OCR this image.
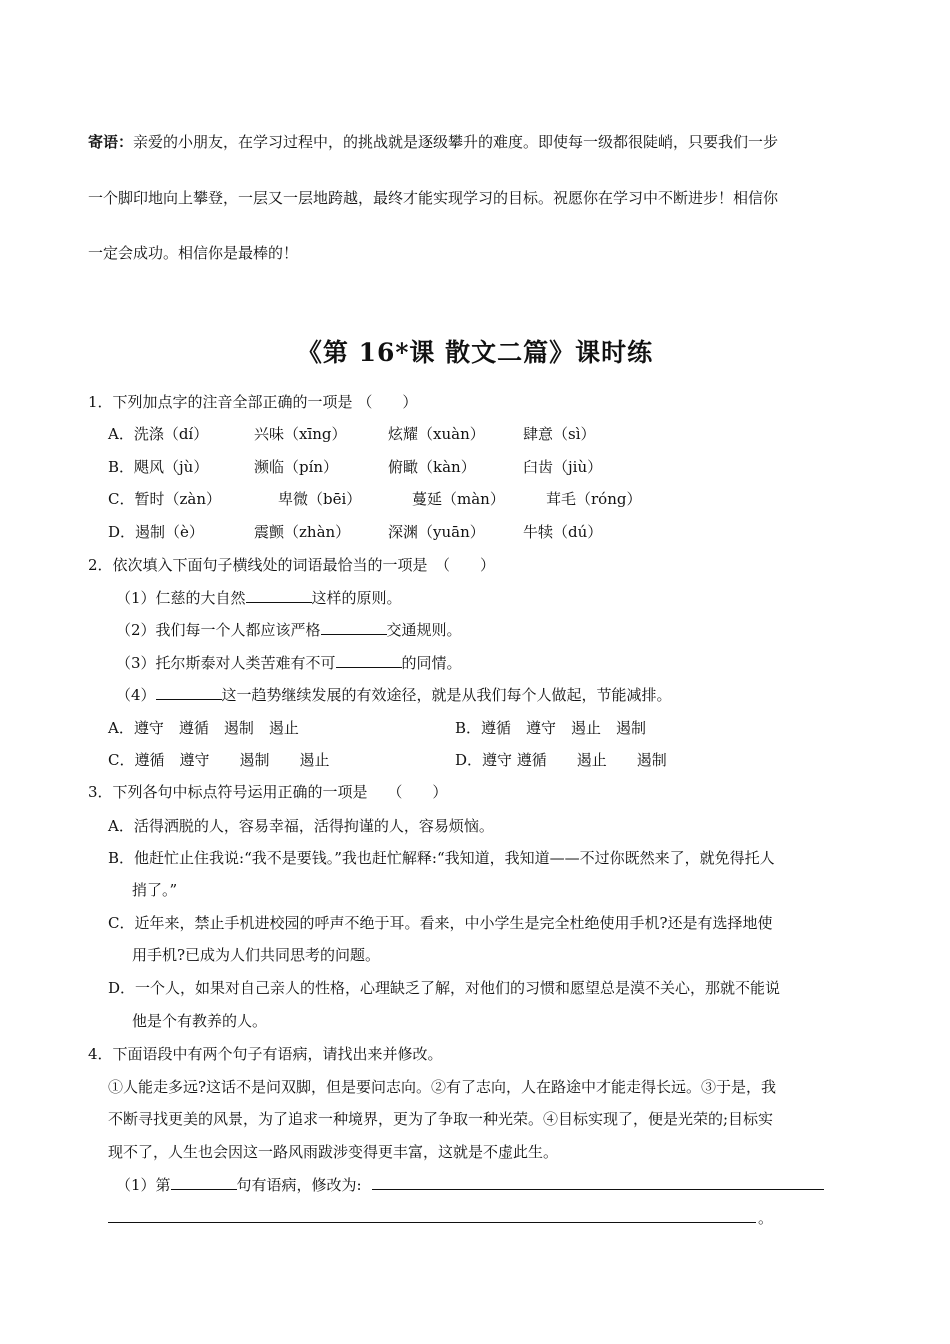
寄语：亲爱的小朋友，在学习过程中，的挑战就是逐级攀升的难度。即使每一级都很陡峭，只要我们一步
一个脚印地向上攀登，一层又一层地跨越，最终才能实现学习的目标。祝愿你在学习中不断进步！相信你
一定会成功。相信你是最棒的！
《第 16*课 散文二篇》课时练
1．下列加点字的注音全部正确的一项是 （　　）
A．洗涤（dí）	兴味（xīng）	炫耀（xuàn）	肆意（sì）
B．飓风（jù）	濒临（pín）	俯瞰（kàn）	臼齿（jiù）
C．暂时（zàn）	卑微（bēi）	蔓延（màn）	茸毛（róng）
D．遏制（è）	震颤（zhàn）	深渊（yuān）	牛犊（dú）
2．依次填入下面句子横线处的词语最恰当的一项是　（　　）
（1）仁慈的大自然	这样的原则。
（2）我们每一个人都应该严格	交通规则。
（3）托尔斯泰对人类苦难有不可	的同情。
（4）	这一趋势继续发展的有效途径，就是从我们每个人做起，节能减排。
A．遵守　遵循　遏制　遏止	B．遵循　遵守　遏止　遏制
C．遵循　遵守　　遏制　　遏止	D．遵守 遵循　　遏止　　遏制
3．下列各句中标点符号运用正确的一项是　 （　　）
A．活得洒脱的人，容易幸福，活得拘谨的人，容易烦恼。
B．他赶忙止住我说:“我不是要钱。”我也赶忙解释:“我知道，我知道——不过你既然来了，就免得托人
捎了。”
C．近年来，禁止手机进校园的呼声不绝于耳。看来，中小学生是完全杜绝使用手机?还是有选择地使
用手机?已成为人们共同思考的问题。
D．一个人，如果对自己亲人的性格，心理缺乏了解，对他们的习惯和愿望总是漠不关心，那就不能说
他是个有教养的人。
4．下面语段中有两个句子有语病，请找出来并修改。
①人能走多远?这话不是问双脚，但是要问志向。②有了志向，人在路途中才能走得长远。③于是，我
不断寻找更美的风景，为了追求一种境界，更为了争取一种光荣。④目标实现了，便是光荣的;目标实
现不了，人生也会因这一路风雨跋涉变得更丰富，这就是不虚此生。
（1）第	句有语病，修改为:
。
